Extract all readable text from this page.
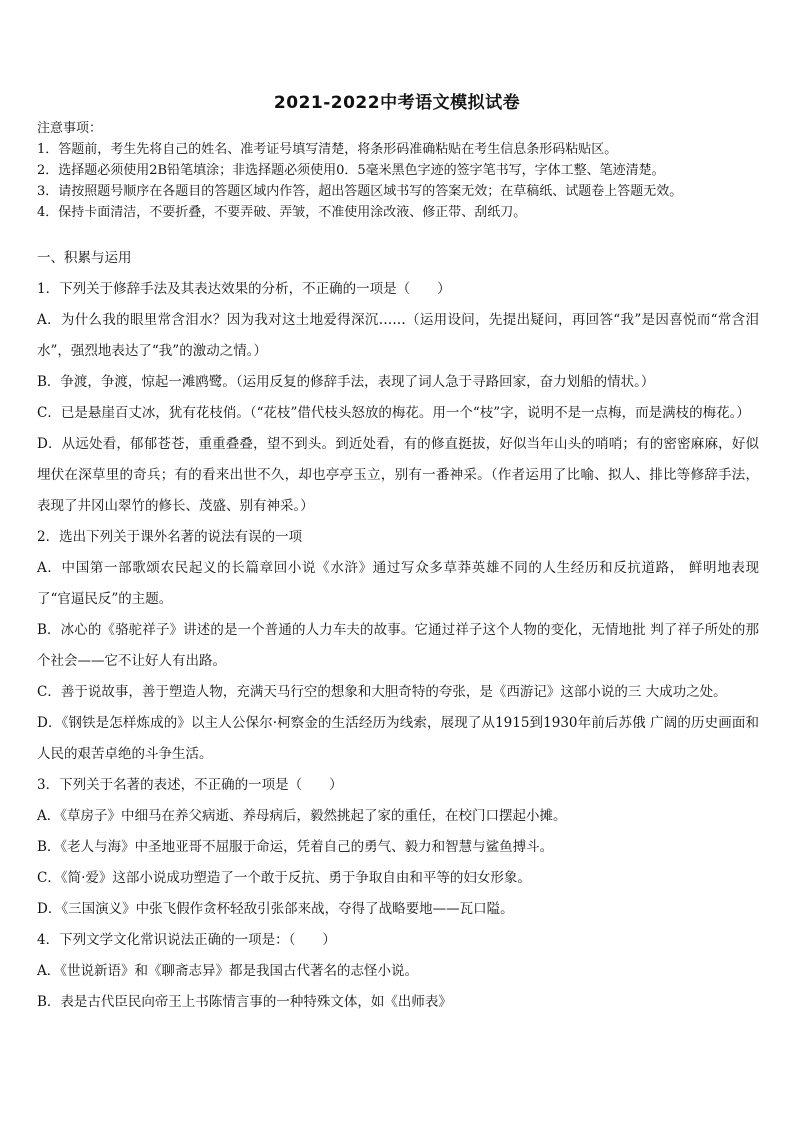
2021-2022中考语文模拟试卷
注意事项：
1．答题前，考生先将自己的姓名、准考证号填写清楚，将条形码准确粘贴在考生信息条形码粘贴区。
2．选择题必须使用2B铅笔填涂；非选择题必须使用0．5毫米黑色字迹的签字笔书写，字体工整、笔迹清楚。
3．请按照题号顺序在各题目的答题区域内作答，超出答题区域书写的答案无效；在草稿纸、试题卷上答题无效。
4．保持卡面清洁，不要折叠，不要弄破、弄皱，不准使用涂改液、修正带、刮纸刀。

一、积累与运用

1．下列关于修辞手法及其表达效果的分析，不正确的一项是（　　）

A．为什么我的眼里常含泪水？因为我对这土地爱得深沉……（运用设问，先提出疑问，再回答“我”是因喜悦而“常含泪水”，强烈地表达了“我”的激动之情。）

B．争渡，争渡，惊起一滩鸥鹭。（运用反复的修辞手法，表现了词人急于寻路回家，奋力划船的情状。）

C．已是悬崖百丈冰，犹有花枝俏。（“花枝”借代枝头怒放的梅花。用一个“枝”字，说明不是一点梅，而是满枝的梅花。）

D．从远处看，郁郁苍苍，重重叠叠，望不到头。到近处看，有的修直挺拔，好似当年山头的哨哨；有的密密麻麻，好似埋伏在深草里的奇兵；有的看来出世不久，却也亭亭玉立，别有一番神采。（作者运用了比喻、拟人、排比等修辞手法，表现了井冈山翠竹的修长、茂盛、别有神采。）

2．选出下列关于课外名著的说法有误的一项

A．中国第一部歌颂农民起义的长篇章回小说《水浒》通过写众多草莽英雄不同的人生经历和反抗道路， 鲜明地表现了“官逼民反”的主题。

B．冰心的《骆驼祥子》讲述的是一个普通的人力车夫的故事。它通过祥子这个人物的变化，无情地批 判了祥子所处的那个社会——它不让好人有出路。

C．善于说故事，善于塑造人物，充满天马行空的想象和大胆奇特的夸张，是《西游记》这部小说的三 大成功之处。

D．《钢铁是怎样炼成的》以主人公保尔·柯察金的生活经历为线索，展现了从1915到1930年前后苏俄 广阔的历史画面和人民的艰苦卓绝的斗争生活。

3．下列关于名著的表述，不正确的一项是（　　）

A．《草房子》中细马在养父病逝、养母病后，毅然挑起了家的重任，在校门口摆起小摊。

B．《老人与海》中圣地亚哥不屈服于命运，凭着自己的勇气、毅力和智慧与鲨鱼搏斗。

C．《简·爱》这部小说成功塑造了一个敢于反抗、勇于争取自由和平等的妇女形象。

D．《三国演义》中张飞假作贪杯轻敌引张郃来战，夺得了战略要地——瓦口隘。

4．下列文学文化常识说法正确的一项是：（　　）

A．《世说新语》和《聊斋志异》都是我国古代著名的志怪小说。

B．表是古代臣民向帝王上书陈情言事的一种特殊文体，如《出师表》
